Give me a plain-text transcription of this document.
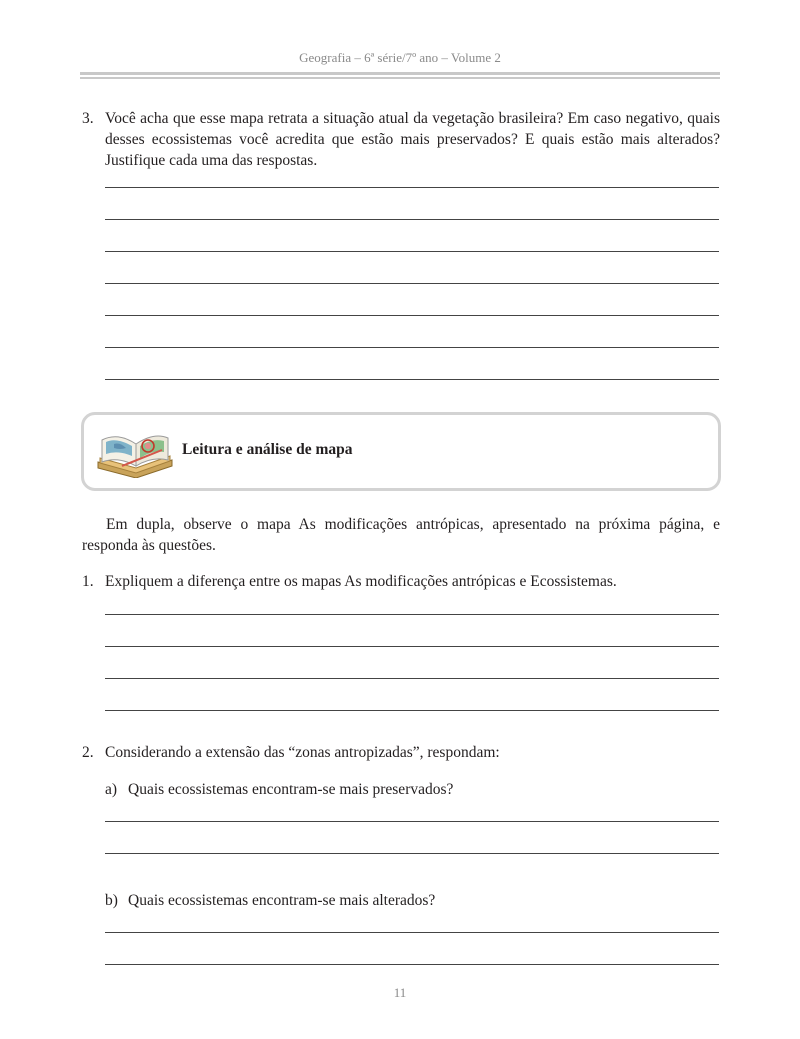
Geografia – 6ª série/7º ano – Volume 2
3. Você acha que esse mapa retrata a situação atual da vegetação brasileira? Em caso negativo, quais desses ecossistemas você acredita que estão mais preservados? E quais estão mais alterados? Justifique cada uma das respostas.
Leitura e análise de mapa
Em dupla, observe o mapa As modificações antrópicas, apresentado na próxima página, e responda às questões.
1. Expliquem a diferença entre os mapas As modificações antrópicas e Ecossistemas.
2. Considerando a extensão das “zonas antropizadas”, respondam:
a) Quais ecossistemas encontram-se mais preservados?
b) Quais ecossistemas encontram-se mais alterados?
11
